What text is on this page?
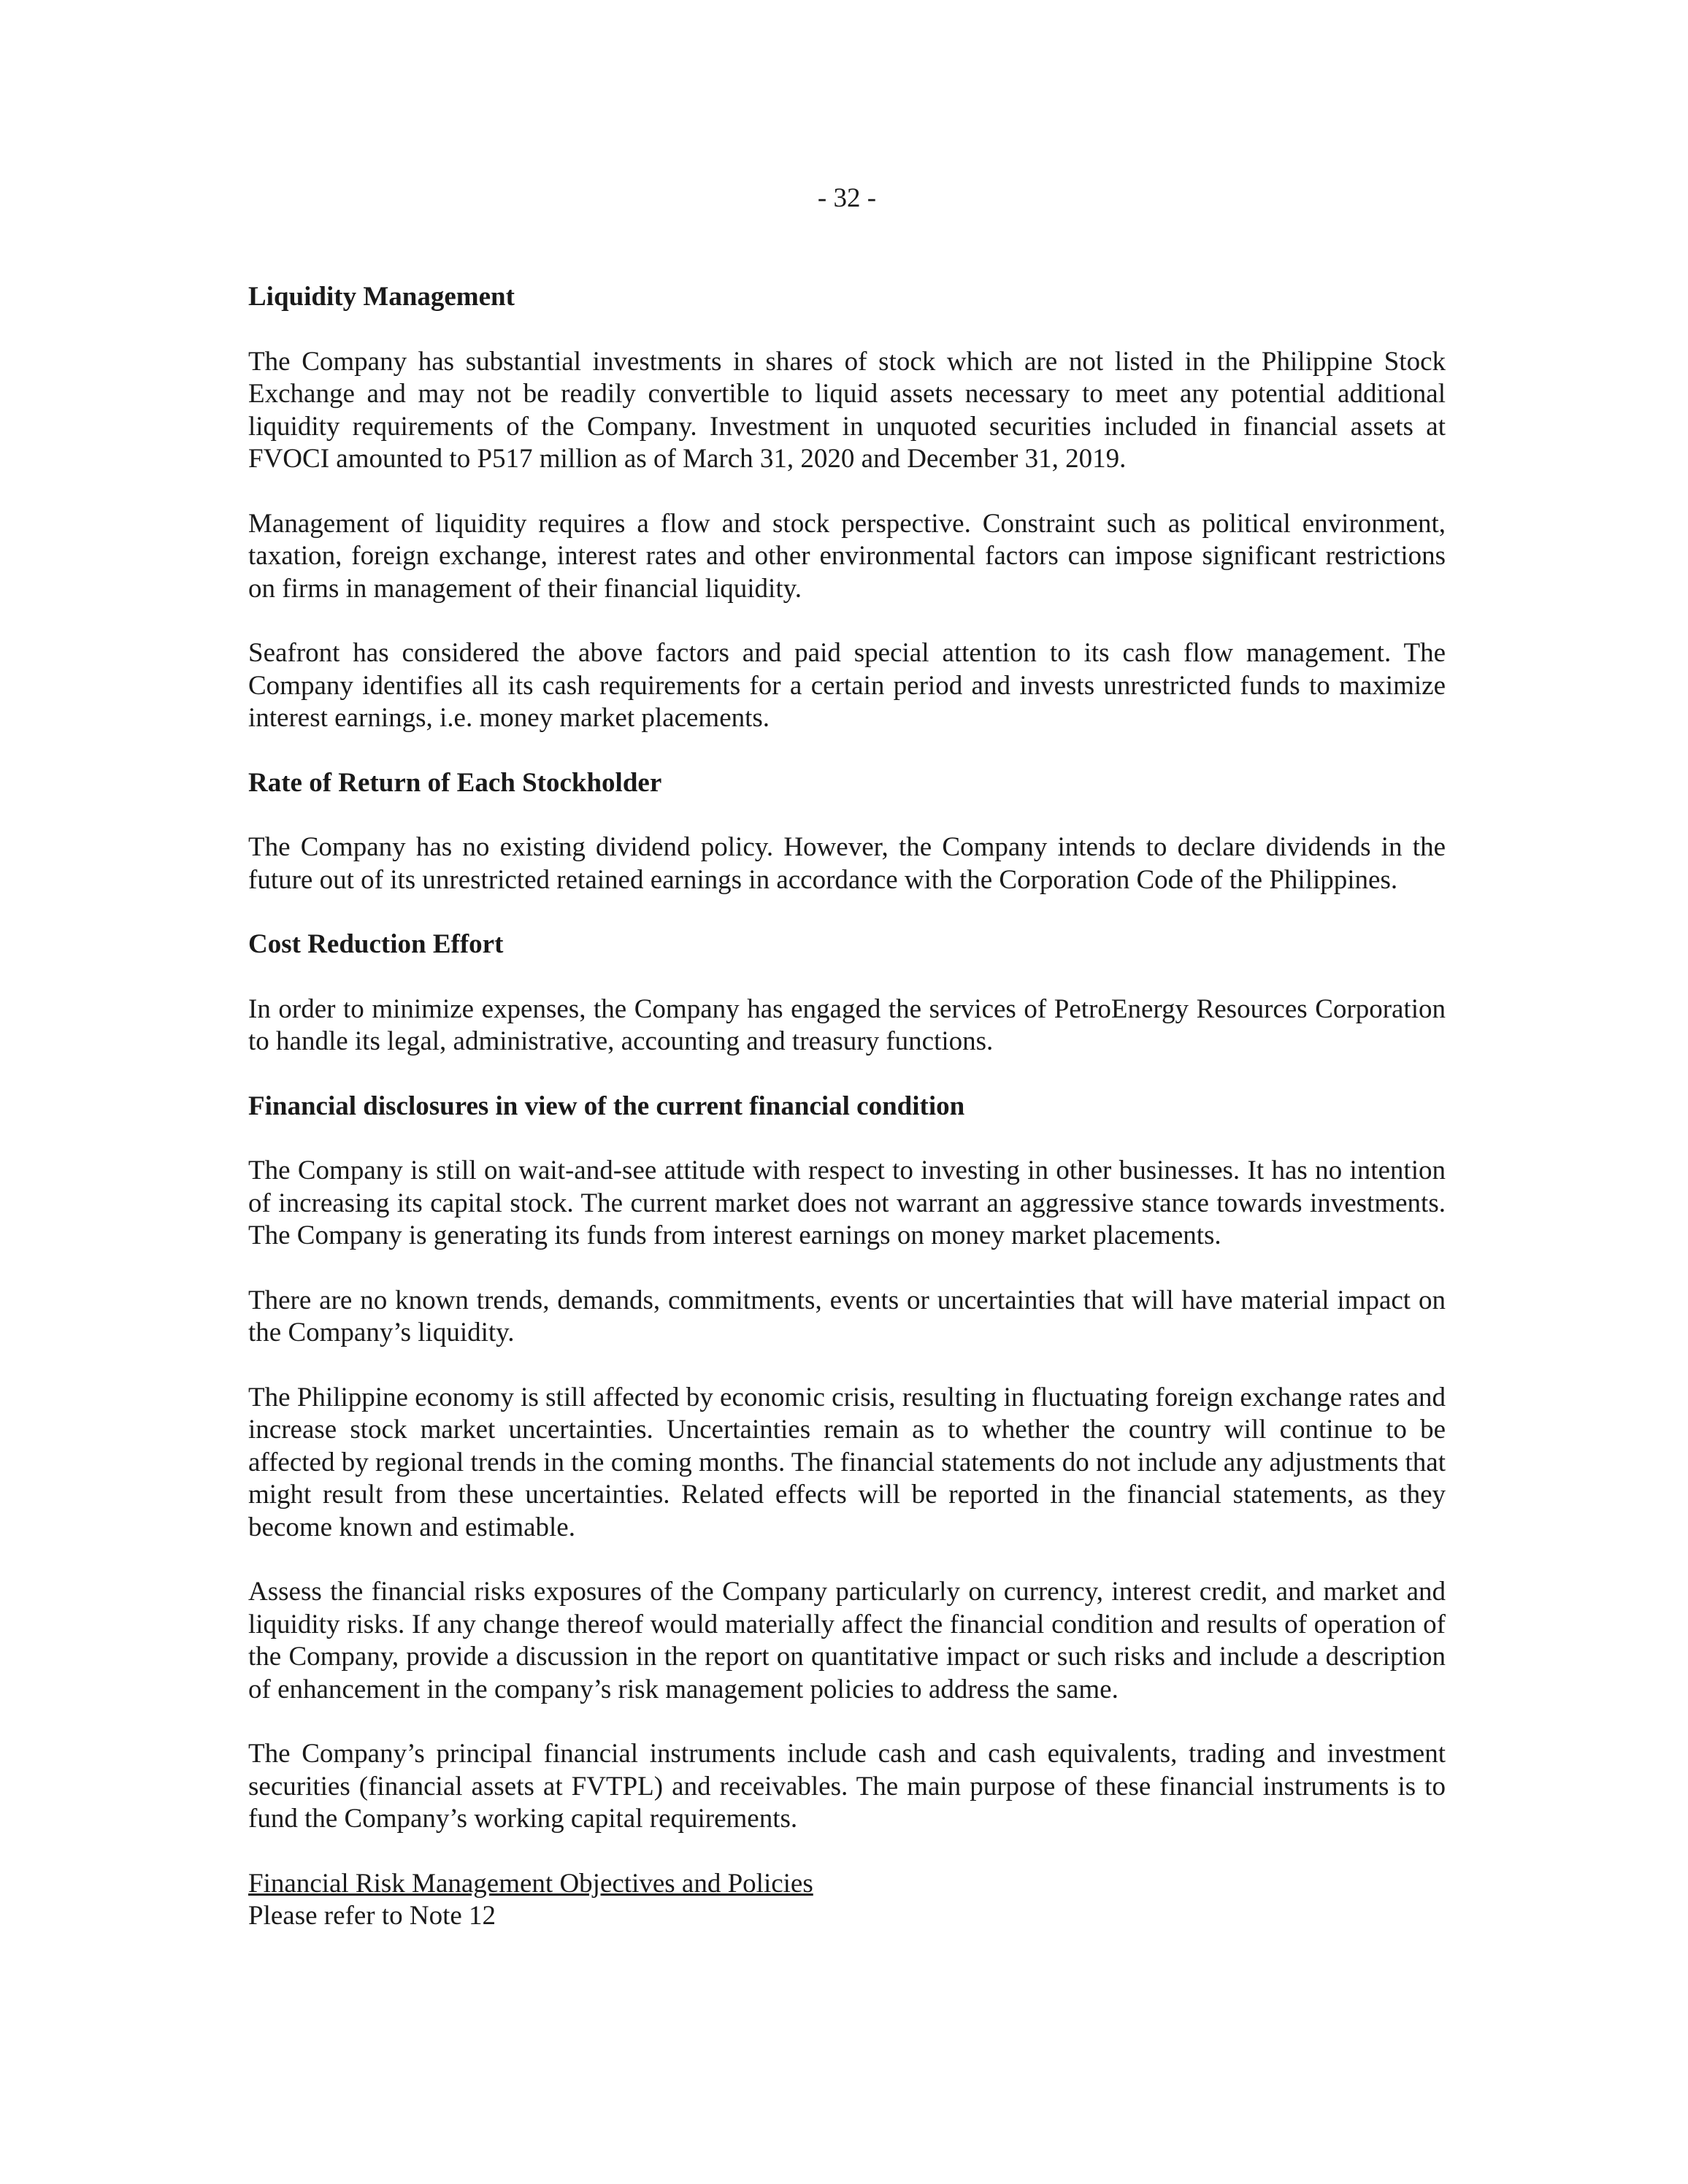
- 32 -
Liquidity Management

The Company has substantial investments in shares of stock which are not listed in the Philippine Stock Exchange and may not be readily convertible to liquid assets necessary to meet any potential additional liquidity requirements of the Company. Investment in unquoted securities included in financial assets at FVOCI amounted to P517 million as of March 31, 2020 and December 31, 2019.

Management of liquidity requires a flow and stock perspective. Constraint such as political environment, taxation, foreign exchange, interest rates and other environmental factors can impose significant restrictions on firms in management of their financial liquidity.

Seafront has considered the above factors and paid special attention to its cash flow management. The Company identifies all its cash requirements for a certain period and invests unrestricted funds to maximize interest earnings, i.e. money market placements.

Rate of Return of Each Stockholder

The Company has no existing dividend policy. However, the Company intends to declare dividends in the future out of its unrestricted retained earnings in accordance with the Corporation Code of the Philippines.

Cost Reduction Effort

In order to minimize expenses, the Company has engaged the services of PetroEnergy Resources Corporation to handle its legal, administrative, accounting and treasury functions.

Financial disclosures in view of the current financial condition

The Company is still on wait-and-see attitude with respect to investing in other businesses. It has no intention of increasing its capital stock. The current market does not warrant an aggressive stance towards investments. The Company is generating its funds from interest earnings on money market placements.

There are no known trends, demands, commitments, events or uncertainties that will have material impact on the Company’s liquidity.

The Philippine economy is still affected by economic crisis, resulting in fluctuating foreign exchange rates and increase stock market uncertainties. Uncertainties remain as to whether the country will continue to be affected by regional trends in the coming months. The financial statements do not include any adjustments that might result from these uncertainties. Related effects will be reported in the financial statements, as they become known and estimable.

Assess the financial risks exposures of the Company particularly on currency, interest credit, and market and liquidity risks. If any change thereof would materially affect the financial condition and results of operation of the Company, provide a discussion in the report on quantitative impact or such risks and include a description of enhancement in the company’s risk management policies to address the same.

The Company’s principal financial instruments include cash and cash equivalents, trading and investment securities (financial assets at FVTPL) and receivables. The main purpose of these financial instruments is to fund the Company’s working capital requirements.

Financial Risk Management Objectives and Policies
Please refer to Note 12
